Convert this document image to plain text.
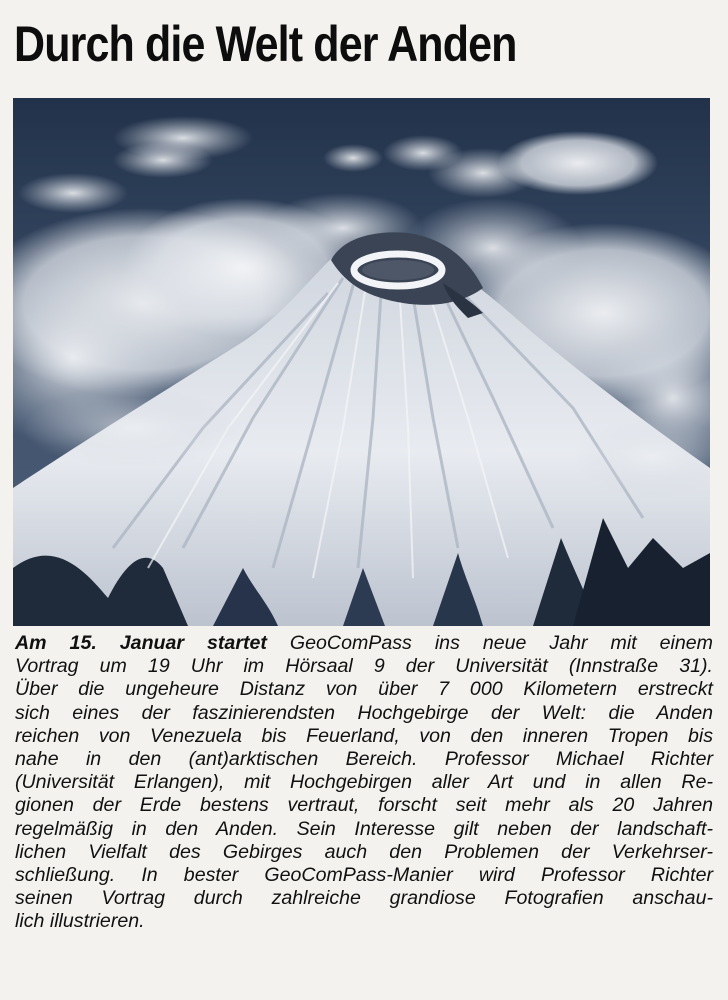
Durch die Welt der Anden
Am 15. Januar startet GeoComPass ins neue Jahr mit einem
Vortrag um 19 Uhr im Hörsaal 9 der Universität (Innstraße 31).
Über die ungeheure Distanz von über 7 000 Kilometern erstreckt
sich eines der faszinierendsten Hochgebirge der Welt: die Anden
reichen von Venezuela bis Feuerland, von den inneren Tropen bis
nahe in den (ant)arktischen Bereich. Professor Michael Richter
(Universität Erlangen), mit Hochgebirgen aller Art und in allen Re-
gionen der Erde bestens vertraut, forscht seit mehr als 20 Jahren
regelmäßig in den Anden. Sein Interesse gilt neben der landschaft-
lichen Vielfalt des Gebirges auch den Problemen der Verkehrser-
schließung. In bester GeoComPass-Manier wird Professor Richter
seinen Vortrag durch zahlreiche grandiose Fotografien anschau-
lich illustrieren.
